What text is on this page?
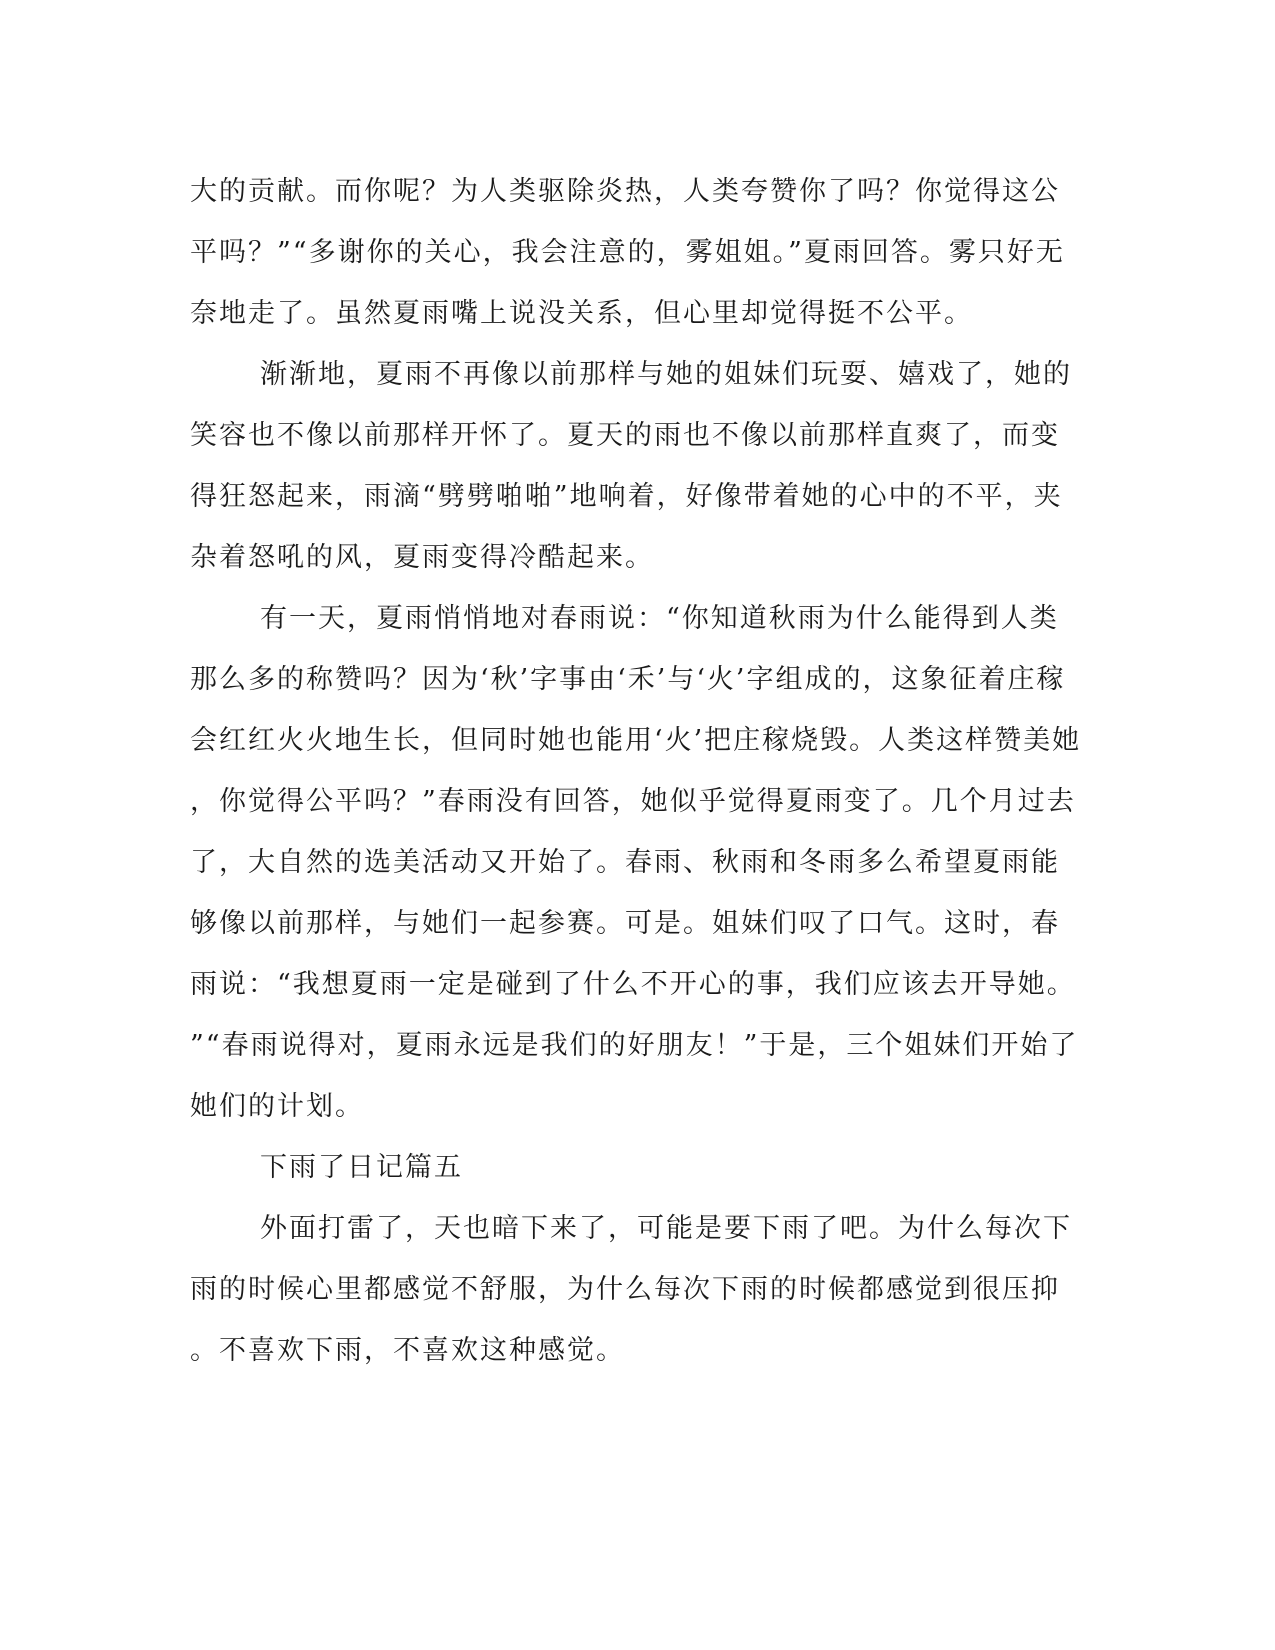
大的贡献。而你呢？为人类驱除炎热，人类夸赞你了吗？你觉得这公
平吗？”“多谢你的关心，我会注意的，雾姐姐。”夏雨回答。雾只好无
奈地走了。虽然夏雨嘴上说没关系，但心里却觉得挺不公平。
渐渐地，夏雨不再像以前那样与她的姐妹们玩耍、嬉戏了，她的
笑容也不像以前那样开怀了。夏天的雨也不像以前那样直爽了，而变
得狂怒起来，雨滴“劈劈啪啪”地响着，好像带着她的心中的不平，夹
杂着怒吼的风，夏雨变得冷酷起来。
有一天，夏雨悄悄地对春雨说：“你知道秋雨为什么能得到人类
那么多的称赞吗？因为‘秋’字事由‘禾’与‘火’字组成的，这象征着庄稼
会红红火火地生长，但同时她也能用‘火’把庄稼烧毁。人类这样赞美她
，你觉得公平吗？”春雨没有回答，她似乎觉得夏雨变了。几个月过去
了，大自然的选美活动又开始了。春雨、秋雨和冬雨多么希望夏雨能
够像以前那样，与她们一起参赛。可是。姐妹们叹了口气。这时，春
雨说：“我想夏雨一定是碰到了什么不开心的事，我们应该去开导她。
”“春雨说得对，夏雨永远是我们的好朋友！”于是，三个姐妹们开始了
她们的计划。
下雨了日记篇五
外面打雷了，天也暗下来了，可能是要下雨了吧。为什么每次下
雨的时候心里都感觉不舒服，为什么每次下雨的时候都感觉到很压抑
。不喜欢下雨，不喜欢这种感觉。
